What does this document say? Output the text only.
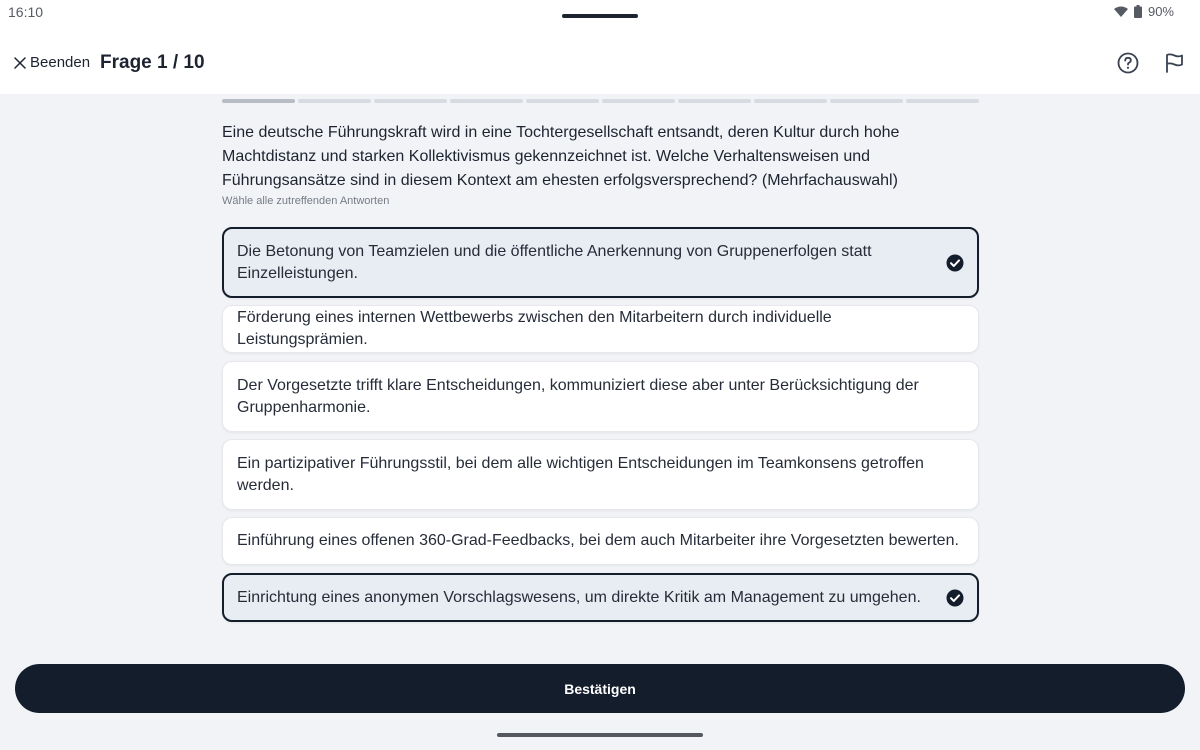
16:10	90%
Beenden Frage 1 / 10
Eine deutsche Führungskraft wird in eine Tochtergesellschaft entsandt, deren Kultur durch hohe Machtdistanz und starken Kollektivismus gekennzeichnet ist. Welche Verhaltensweisen und Führungsansätze sind in diesem Kontext am ehesten erfolgsversprechend? (Mehrfachauswahl)
Wähle alle zutreffenden Antworten
Die Betonung von Teamzielen und die öffentliche Anerkennung von Gruppenerfolgen statt Einzelleistungen.
Förderung eines internen Wettbewerbs zwischen den Mitarbeitern durch individuelle Leistungsprämien.
Der Vorgesetzte trifft klare Entscheidungen, kommuniziert diese aber unter Berücksichtigung der Gruppenharmonie.
Ein partizipativer Führungsstil, bei dem alle wichtigen Entscheidungen im Teamkonsens getroffen werden.
Einführung eines offenen 360-Grad-Feedbacks, bei dem auch Mitarbeiter ihre Vorgesetzten bewerten.
Einrichtung eines anonymen Vorschlagswesens, um direkte Kritik am Management zu umgehen.
Bestätigen
